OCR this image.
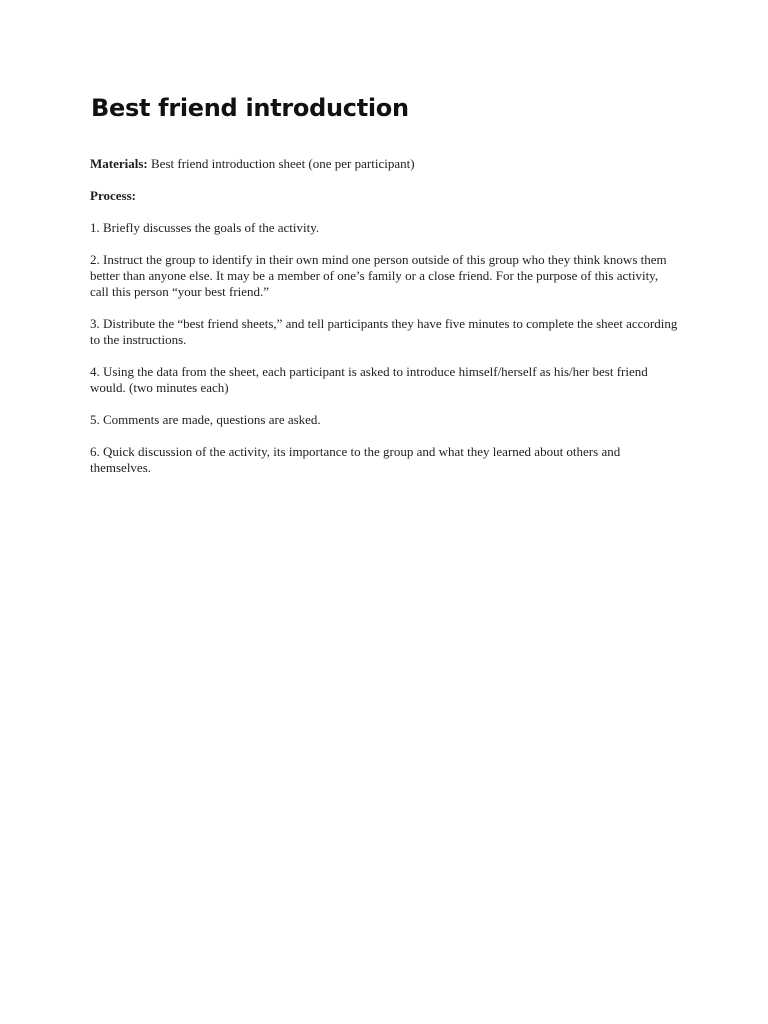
Best friend introduction

Materials: Best friend introduction sheet (one per participant)

Process:

1. Briefly discusses the goals of the activity.

2. Instruct the group to identify in their own mind one person outside of this group who they think knows them better than anyone else. It may be a member of one’s family or a close friend. For the purpose of this activity, call this person “your best friend.”

3. Distribute the “best friend sheets,” and tell participants they have five minutes to complete the sheet according to the instructions.

4. Using the data from the sheet, each participant is asked to introduce himself/herself as his/her best friend would. (two minutes each)

5. Comments are made, questions are asked.

6. Quick discussion of the activity, its importance to the group and what they learned about others and themselves.
